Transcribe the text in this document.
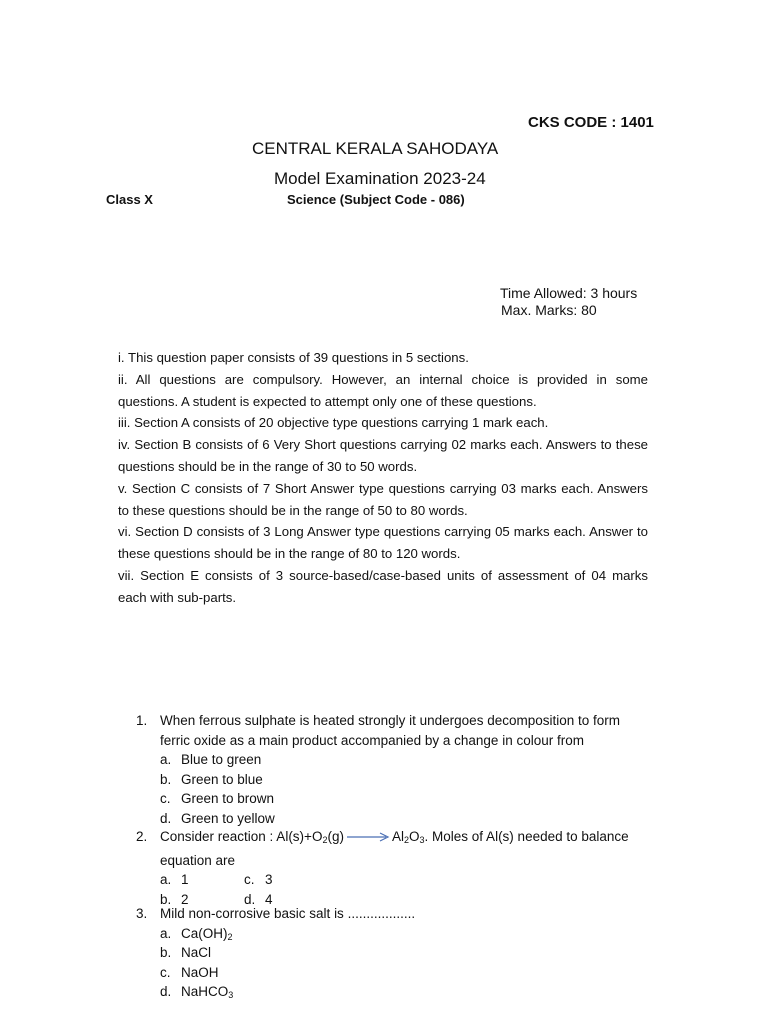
CKS CODE : 1401
CENTRAL KERALA SAHODAYA
Model Examination 2023-24
Class X	Science (Subject Code - 086)
Time Allowed: 3 hours
Max. Marks: 80

i. This question paper consists of 39 questions in 5 sections.

ii. All questions are compulsory. However, an internal choice is provided in some questions. A student is expected to attempt only one of these questions.

iii. Section A consists of 20 objective type questions carrying 1 mark each.

iv. Section B consists of 6 Very Short questions carrying 02 marks each. Answers to these questions should be in the range of 30 to 50 words.

v. Section C consists of 7 Short Answer type questions carrying 03 marks each. Answers to these questions should be in the range of 50 to 80 words.

vi. Section D consists of 3 Long Answer type questions carrying 05 marks each. Answer to these questions should be in the range of 80 to 120 words.

vii. Section E consists of 3 source-based/case-based units of assessment of 04 marks each with sub-parts.

1. When ferrous sulphate is heated strongly it undergoes decomposition to form ferric oxide as a main product accompanied by a change in colour from
a. Blue to green
b. Green to blue
c. Green to brown
d. Green to yellow
2. Consider reaction : $Al(s)+O_2(g) \to Al_2O_3$. Moles of Al(s) needed to balance equation are
a. 1	c. 3
b. 2	d. 4
3. Mild non-corrosive basic salt is ..................
a. $Ca(OH)_2$
b. NaCl
c. NaOH
d. NaHCO$_3$
